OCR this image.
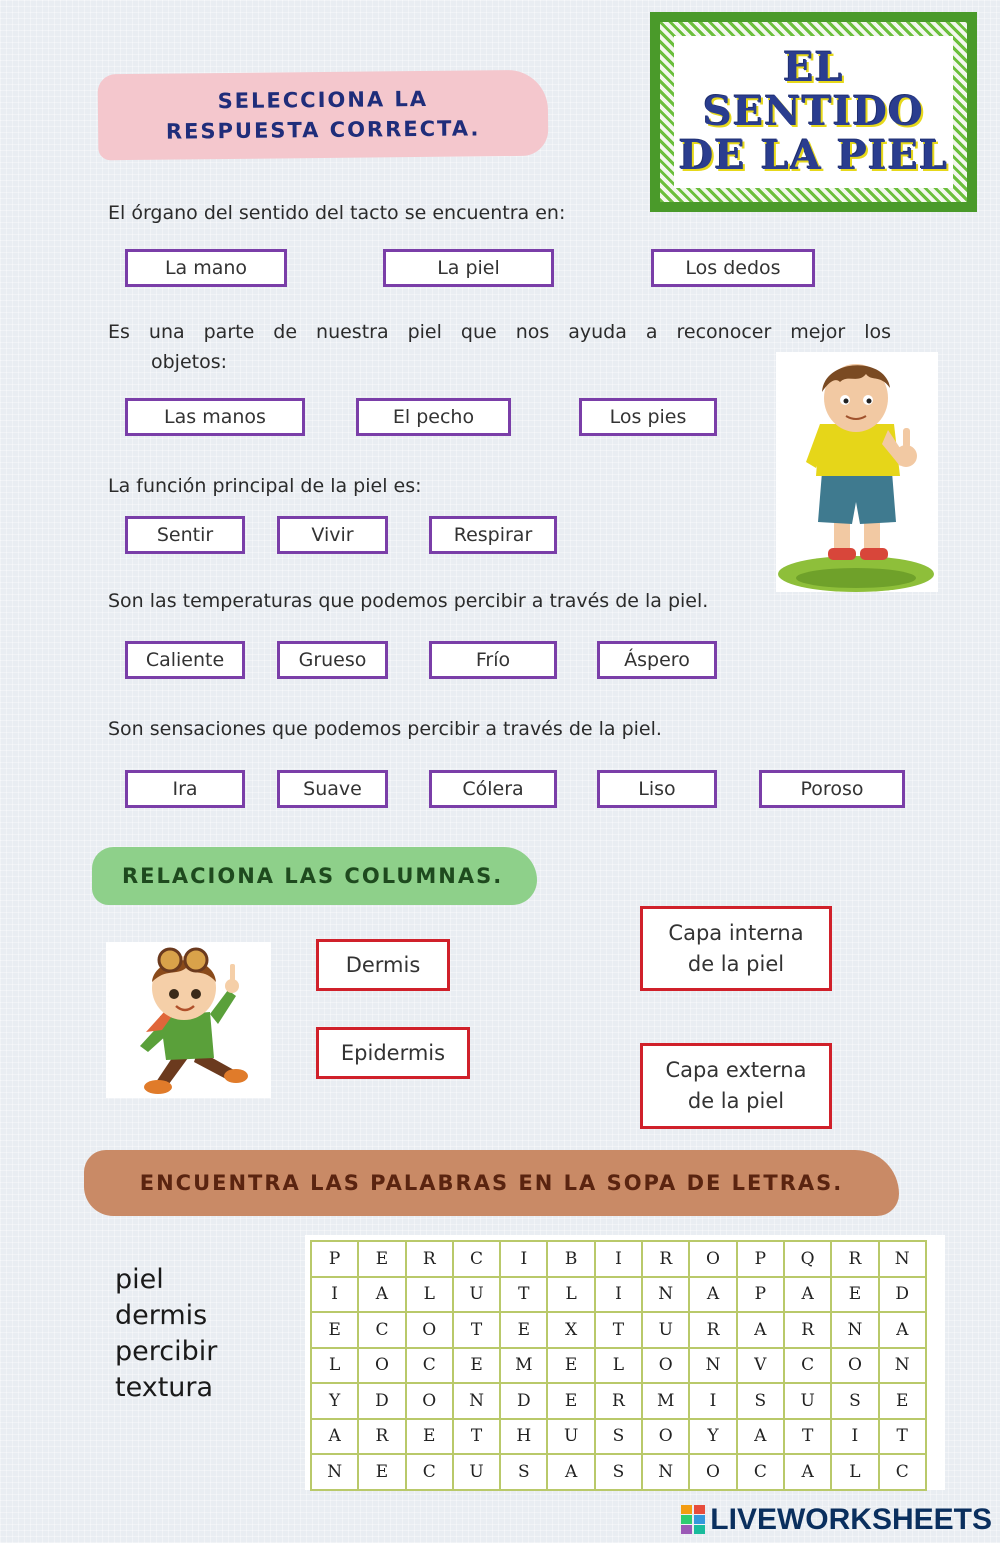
EL
SENTIDO
DE LA PIEL
SELECCIONA LA RESPUESTA CORRECTA.
El órgano del sentido del tacto se encuentra en:
La mano	La piel	Los dedos
Es una parte de nuestra piel que nos ayuda a reconocer mejor los
objetos:
Las manos	El pecho	Los pies
La función principal de la piel es:
Sentir	Vivir	Respirar
Son las temperaturas que podemos percibir a través de la piel.
Caliente	Grueso	Frío	Áspero
Son sensaciones que podemos percibir a través de la piel.
Ira	Suave	Cólera	Liso	Poroso
RELACIONA LAS COLUMNAS.
Dermis
Epidermis
Capa interna
de la piel
Capa externa
de la piel
ENCUENTRA LAS PALABRAS EN LA SOPA DE LETRAS.
piel
dermis
percibir
textura
P	E	R	C	I	B	I	R	O	P	Q	R	N
I	A	L	U	T	L	I	N	A	P	A	E	D
E	C	O	T	E	X	T	U	R	A	R	N	A
L	O	C	E	M	E	L	O	N	V	C	O	N
Y	D	O	N	D	E	R	M	I	S	U	S	E
A	R	E	T	H	U	S	O	Y	A	T	I	T
N	E	C	U	S	A	S	N	O	C	A	L	C
LIVEWORKSHEETS
